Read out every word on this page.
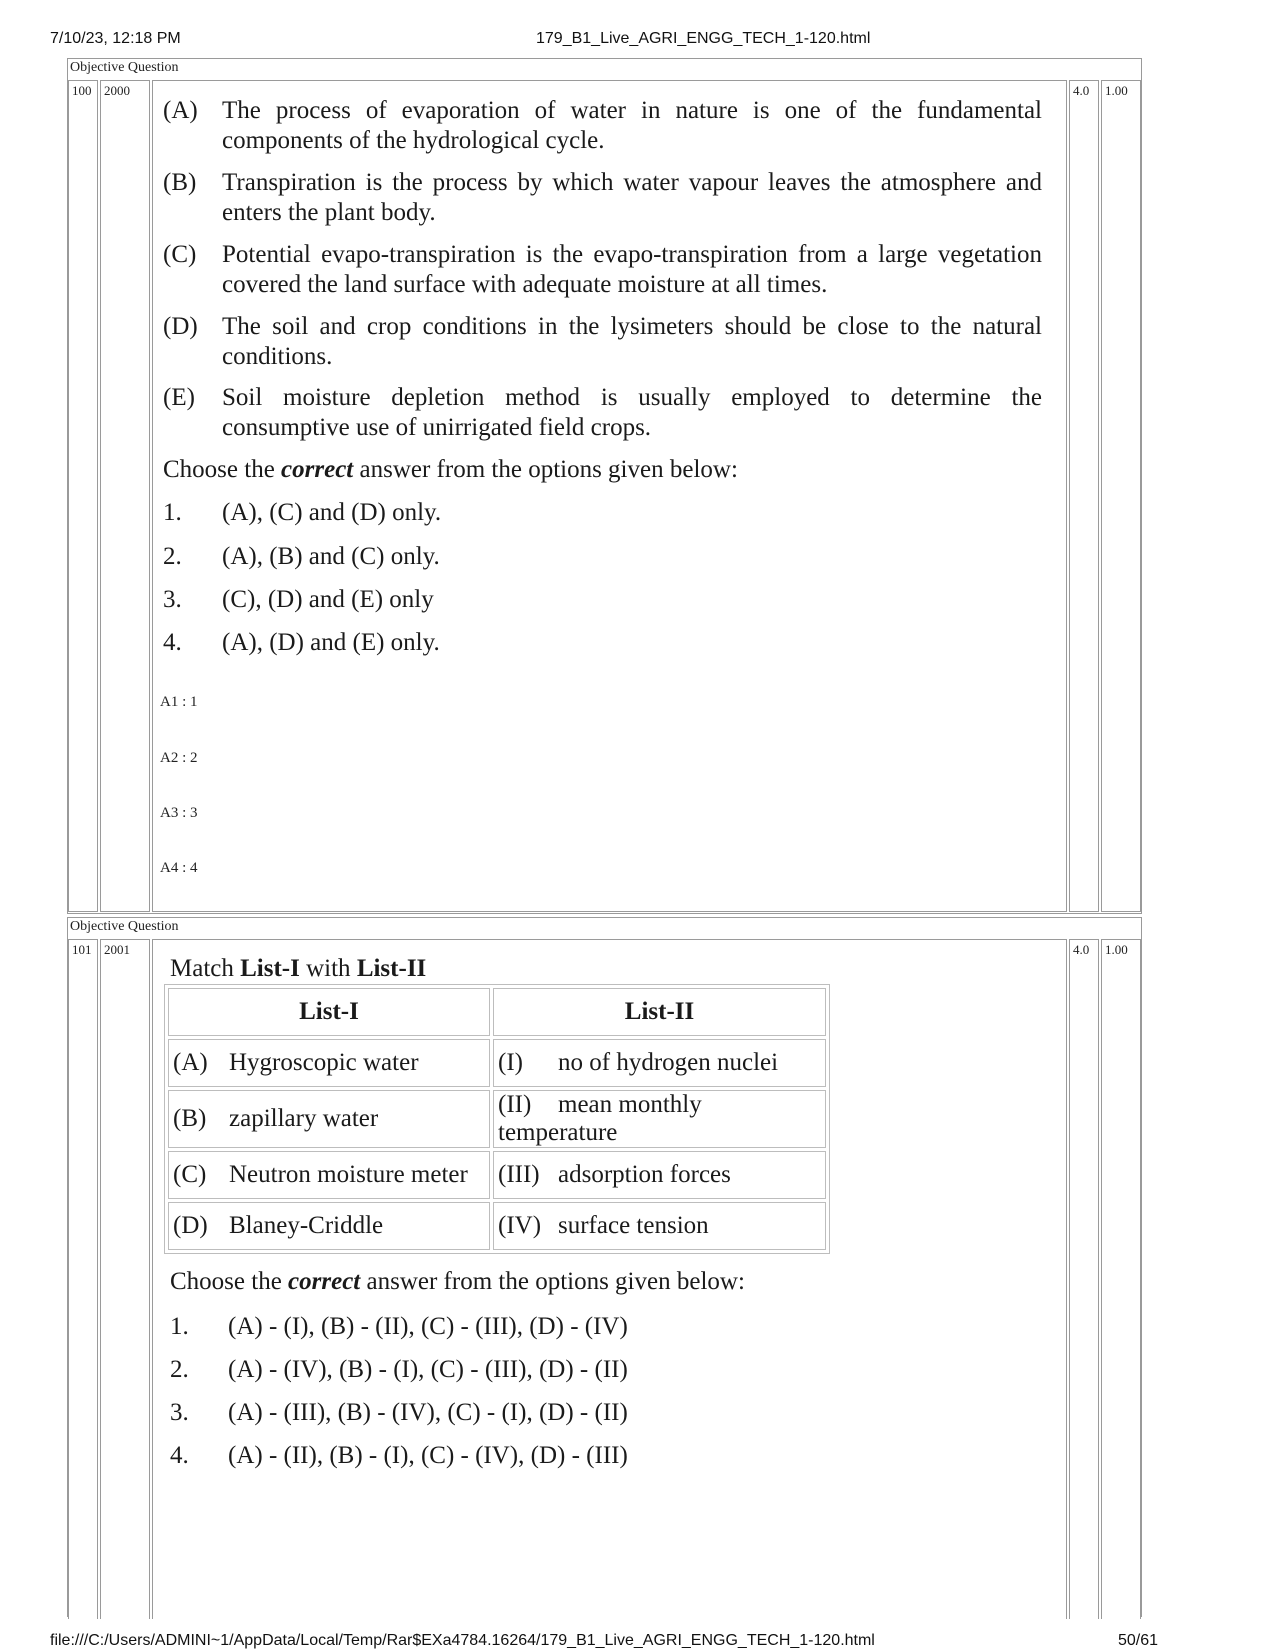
7/10/23, 12:18 PM	179_B1_Live_AGRI_ENGG_TECH_1-120.html
Objective Question
100 2000	4.0	1.00
(A) The process of evaporation of water in nature is one of the fundamental components of the hydrological cycle.
(B)	Transpiration is the process by which water vapour leaves the atmosphere and enters the plant body.
(C)	Potential evapo-transpiration is the evapo-transpiration from a large vegetation covered the land surface with adequate moisture at all times.
(D) The soil and crop conditions in the lysimeters should be close to the natural conditions.
(E)	Soil moisture depletion method is usually employed to determine the consumptive use of unirrigated field crops.
Choose the correct answer from the options given below:
1.	(A), (C) and (D) only.
2.	(A), (B) and (C) only.
3.	(C), (D) and (E) only
4.	(A), (D) and (E) only.
A1 : 1
A2 : 2
A3 : 3
A4 : 4
Objective Question
101 2001	4.0	1.00
Match List-I with List-II
List-I	List-II
(A) Hygroscopic water	(I) no of hydrogen nuclei
(B) zapillary water	(II) mean monthly temperature
(C) Neutron moisture meter	(III) adsorption forces
(D) Blaney-Criddle	(IV) surface tension
Choose the correct answer from the options given below:
1.	(A) - (I), (B) - (II), (C) - (III), (D) - (IV)
2.	(A) - (IV), (B) - (I), (C) - (III), (D) - (II)
3.	(A) - (III), (B) - (IV), (C) - (I), (D) - (II)
4.	(A) - (II), (B) - (I), (C) - (IV), (D) - (III)
file:///C:/Users/ADMINI~1/AppData/Local/Temp/Rar$EXa4784.16264/179_B1_Live_AGRI_ENGG_TECH_1-120.html	50/61
